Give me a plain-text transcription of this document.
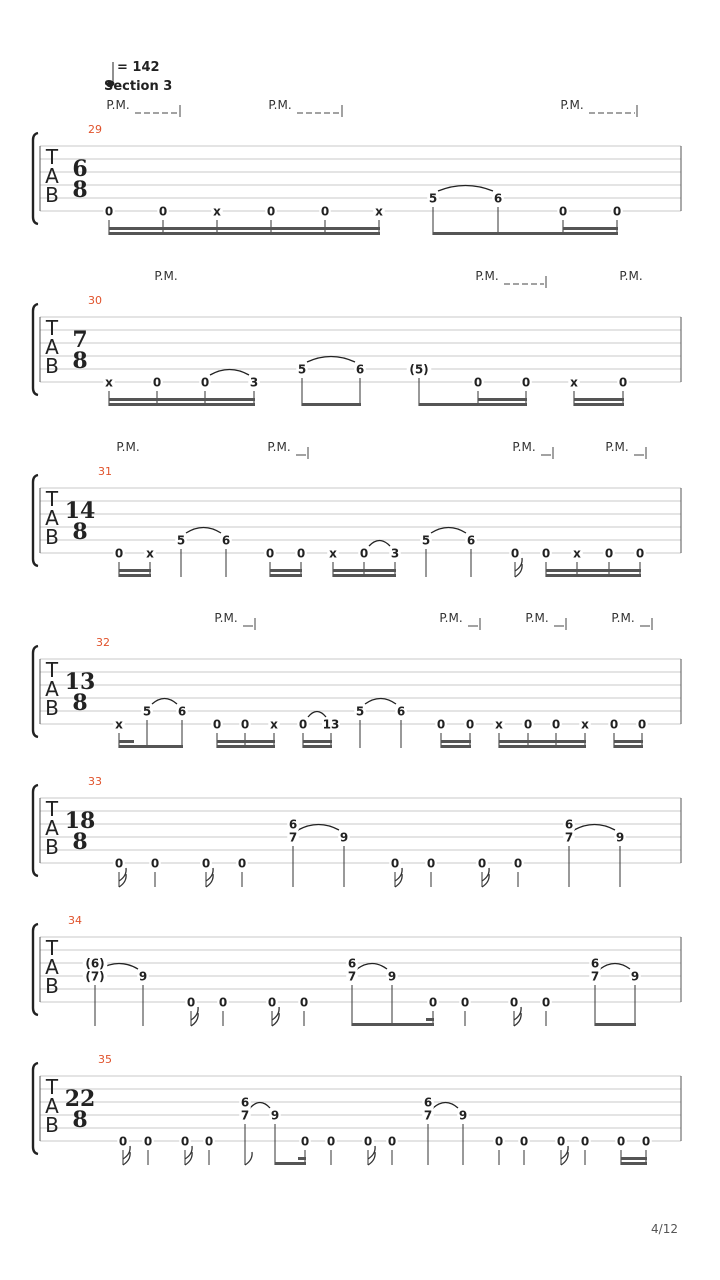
T
A
B
29
6
8
P.M.	P.M.	P.M.
0	0	x	0	0	x
5	6
0	0
T
A
B
30
7
8
P.M.	P.M.	P.M.
x	0	0	3
5	6	(5)
0	0	x	0
T
A
B
31
14
8
P.M.	P.M.	P.M.	P.M.
0 x
5	6
0 0 x 0 3
5	6
0 0 x 0 0
T
A
B
32
13
8
P.M.	P.M.	P.M.	P.M.
x
5 6
0 0 x 0 13
5	6
0 0 x 0 0 x 0 0
T
A
B
33
18
8
0 0	0 0
6
7	9
0 0	0 0
6
7	9
T
A
B
34
(6)
(7)	9
0 0	0 0
6
7	9
0 0	0 0
6
7	9
T
A
B
35
22
8
0 0 0 0
6
7 9
0 0 0 0
6
7 9
0 0 0 0 0 0
= 142
Section 3
4/12
